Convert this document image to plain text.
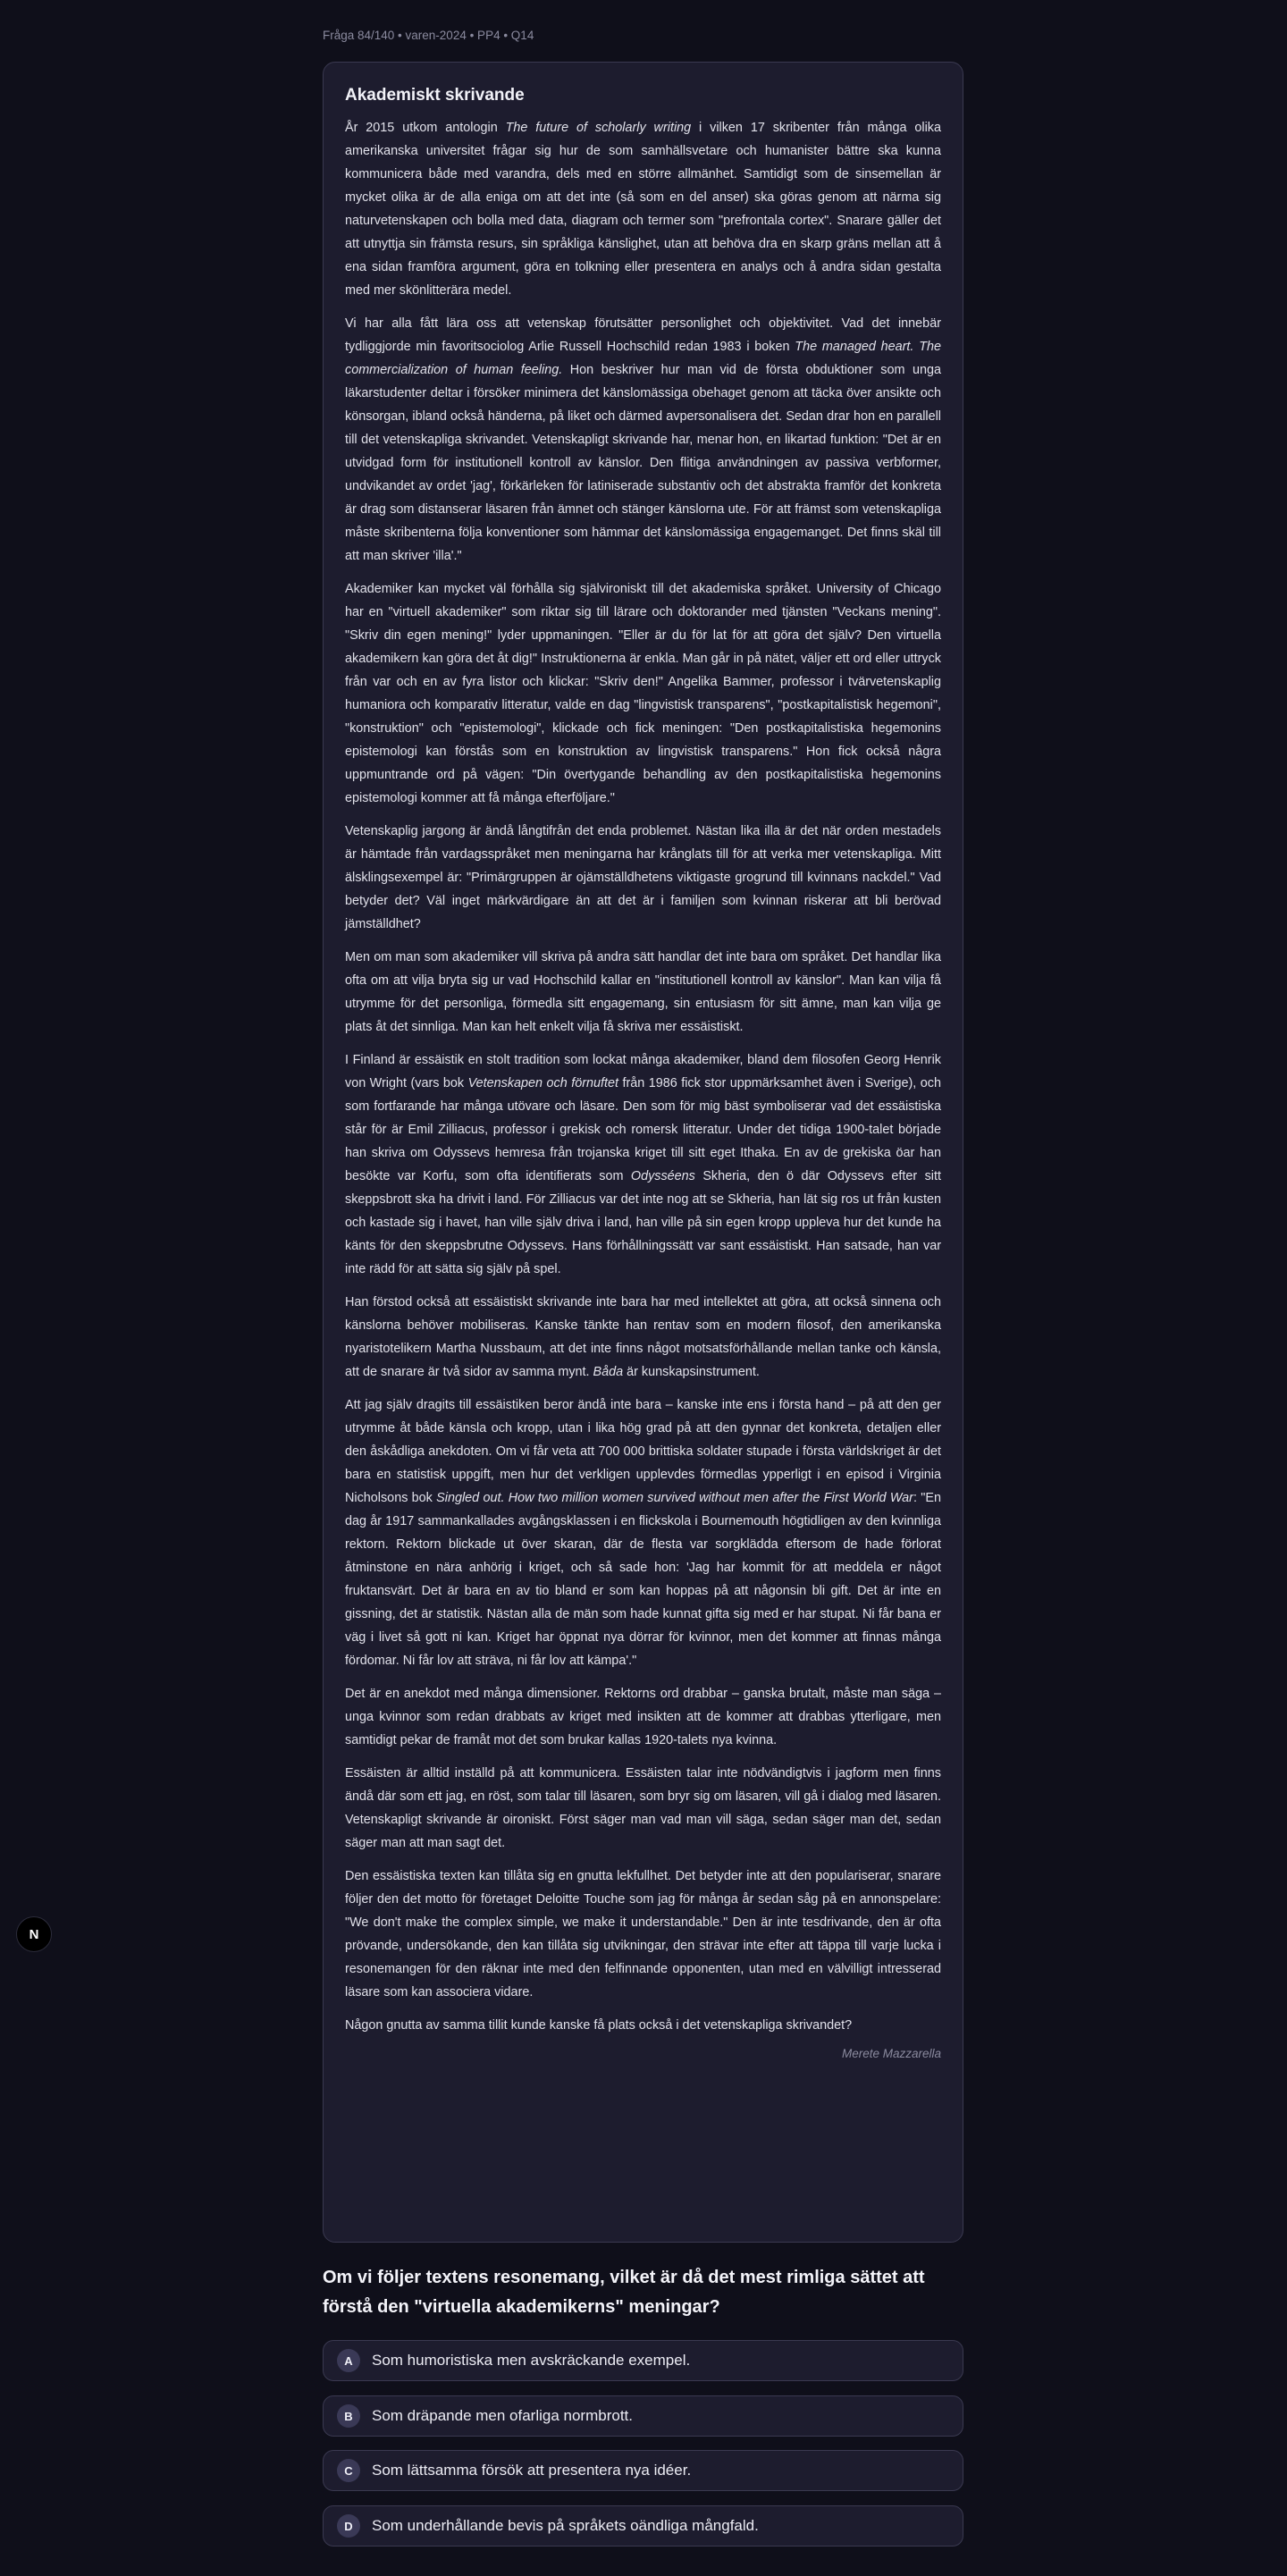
Fråga 84/140 • varen-2024 • PP4 • Q14
Akademiskt skrivande

År 2015 utkom antologin The future of scholarly writing i vilken 17 skribenter från många olika amerikanska universitet frågar sig hur de som samhällsvetare och humanister bättre ska kunna kommunicera både med varandra, dels med en större allmänhet. Samtidigt som de sinsemellan är mycket olika är de alla eniga om att det inte (så som en del anser) ska göras genom att närma sig naturvetenskapen och bolla med data, diagram och termer som "prefrontala cortex". Snarare gäller det att utnyttja sin främsta resurs, sin språkliga känslighet, utan att behöva dra en skarp gräns mellan att å ena sidan framföra argument, göra en tolkning eller presentera en analys och å andra sidan gestalta med mer skönlitterära medel.

Vi har alla fått lära oss att vetenskap förutsätter personlighet och objektivitet. Vad det innebär tydliggjorde min favoritsociolog Arlie Russell Hochschild redan 1983 i boken The managed heart. The commercialization of human feeling. Hon beskriver hur man vid de första obduktioner som unga läkarstudenter deltar i försöker minimera det känslomässiga obehaget genom att täcka över ansikte och könsorgan, ibland också händerna, på liket och därmed avpersonalisera det. Sedan drar hon en parallell till det vetenskapliga skrivandet. Vetenskapligt skrivande har, menar hon, en likartad funktion: "Det är en utvidgad form för institutionell kontroll av känslor. Den flitiga användningen av passiva verbformer, undvikandet av ordet 'jag', förkärleken för latiniserade substantiv och det abstrakta framför det konkreta är drag som distanserar läsaren från ämnet och stänger känslorna ute. För att främst som vetenskapliga måste skribenterna följa konventioner som hämmar det känslomässiga engagemanget. Det finns skäl till att man skriver 'illa'."

Akademiker kan mycket väl förhålla sig självironiskt till det akademiska språket. University of Chicago har en "virtuell akademiker" som riktar sig till lärare och doktorander med tjänsten "Veckans mening". "Skriv din egen mening!" lyder uppmaningen. "Eller är du för lat för att göra det själv? Den virtuella akademikern kan göra det åt dig!" Instruktionerna är enkla. Man går in på nätet, väljer ett ord eller uttryck från var och en av fyra listor och klickar: "Skriv den!" Angelika Bammer, professor i tvärvetenskaplig humaniora och komparativ litteratur, valde en dag "lingvistisk transparens", "postkapitalistisk hegemoni", "konstruktion" och "epistemologi", klickade och fick meningen: "Den postkapitalistiska hegemonins epistemologi kan förstås som en konstruktion av lingvistisk transparens." Hon fick också några uppmuntrande ord på vägen: "Din övertygande behandling av den postkapitalistiska hegemonins epistemologi kommer att få många efterföljare."

Vetenskaplig jargong är ändå långtifrån det enda problemet. Nästan lika illa är det när orden mestadels är hämtade från vardagsspråket men meningarna har krånglats till för att verka mer vetenskapliga. Mitt älsklingsexempel är: "Primärgruppen är ojämställdhetens viktigaste grogrund till kvinnans nackdel." Vad betyder det? Väl inget märkvärdigare än att det är i familjen som kvinnan riskerar att bli berövad jämställdhet?

Men om man som akademiker vill skriva på andra sätt handlar det inte bara om språket. Det handlar lika ofta om att vilja bryta sig ur vad Hochschild kallar en "institutionell kontroll av känslor". Man kan vilja få utrymme för det personliga, förmedla sitt engagemang, sin entusiasm för sitt ämne, man kan vilja ge plats åt det sinnliga. Man kan helt enkelt vilja få skriva mer essäistiskt.

I Finland är essäistik en stolt tradition som lockat många akademiker, bland dem filosofen Georg Henrik von Wright (vars bok Vetenskapen och förnuftet från 1986 fick stor uppmärksamhet även i Sverige), och som fortfarande har många utövare och läsare. Den som för mig bäst symboliserar vad det essäistiska står för är Emil Zilliacus, professor i grekisk och romersk litteratur. Under det tidiga 1900-talet började han skriva om Odyssevs hemresa från trojanska kriget till sitt eget Ithaka. En av de grekiska öar han besökte var Korfu, som ofta identifierats som Odysséens Skheria, den ö där Odyssevs efter sitt skeppsbrott ska ha drivit i land. För Zilliacus var det inte nog att se Skheria, han lät sig ros ut från kusten och kastade sig i havet, han ville själv driva i land, han ville på sin egen kropp uppleva hur det kunde ha känts för den skeppsbrutne Odyssevs. Hans förhållningssätt var sant essäistiskt. Han satsade, han var inte rädd för att sätta sig själv på spel.

Han förstod också att essäistiskt skrivande inte bara har med intellektet att göra, att också sinnena och känslorna behöver mobiliseras. Kanske tänkte han rentav som en modern filosof, den amerikanska nyaristotelikern Martha Nussbaum, att det inte finns något motsatsförhållande mellan tanke och känsla, att de snarare är två sidor av samma mynt. Båda är kunskapsinstrument.

Att jag själv dragits till essäistiken beror ändå inte bara – kanske inte ens i första hand – på att den ger utrymme åt både känsla och kropp, utan i lika hög grad på att den gynnar det konkreta, detaljen eller den åskådliga anekdoten. Om vi får veta att 700 000 brittiska soldater stupade i första världskriget är det bara en statistisk uppgift, men hur det verkligen upplevdes förmedlas ypperligt i en episod i Virginia Nicholsons bok Singled out. How two million women survived without men after the First World War: "En dag år 1917 sammankallades avgångsklassen i en flickskola i Bournemouth högtidligen av den kvinnliga rektorn. Rektorn blickade ut över skaran, där de flesta var sorgklädda eftersom de hade förlorat åtminstone en nära anhörig i kriget, och så sade hon: 'Jag har kommit för att meddela er något fruktansvärt. Det är bara en av tio bland er som kan hoppas på att någonsin bli gift. Det är inte en gissning, det är statistik. Nästan alla de män som hade kunnat gifta sig med er har stupat. Ni får bana er väg i livet så gott ni kan. Kriget har öppnat nya dörrar för kvinnor, men det kommer att finnas många fördomar. Ni får lov att sträva, ni får lov att kämpa'."

Det är en anekdot med många dimensioner. Rektorns ord drabbar – ganska brutalt, måste man säga – unga kvinnor som redan drabbats av kriget med insikten att de kommer att drabbas ytterligare, men samtidigt pekar de framåt mot det som brukar kallas 1920-talets nya kvinna.

Essäisten är alltid inställd på att kommunicera. Essäisten talar inte nödvändigtvis i jagform men finns ändå där som ett jag, en röst, som talar till läsaren, som bryr sig om läsaren, vill gå i dialog med läsaren. Vetenskapligt skrivande är oironiskt. Först säger man vad man vill säga, sedan säger man det, sedan säger man att man sagt det.

Den essäistiska texten kan tillåta sig en gnutta lekfullhet. Det betyder inte att den populariserar, snarare följer den det motto för företaget Deloitte Touche som jag för många år sedan såg på en annonspelare: "We don't make the complex simple, we make it understandable." Den är inte tesdrivande, den är ofta prövande, undersökande, den kan tillåta sig utvikningar, den strävar inte efter att täppa till varje lucka i resonemangen för den räknar inte med den felfinnande opponenten, utan med en välvilligt intresserad läsare som kan associera vidare.

Någon gnutta av samma tillit kunde kanske få plats också i det vetenskapliga skrivandet?

Merete Mazzarella
Om vi följer textens resonemang, vilket är då det mest rimliga sättet att förstå den "virtuella akademikerns" meningar?
A	Som humoristiska men avskräckande exempel.
B	Som dräpande men ofarliga normbrott.
C	Som lättsamma försök att presentera nya idéer.
D	Som underhållande bevis på språkets oändliga mångfald.
N
